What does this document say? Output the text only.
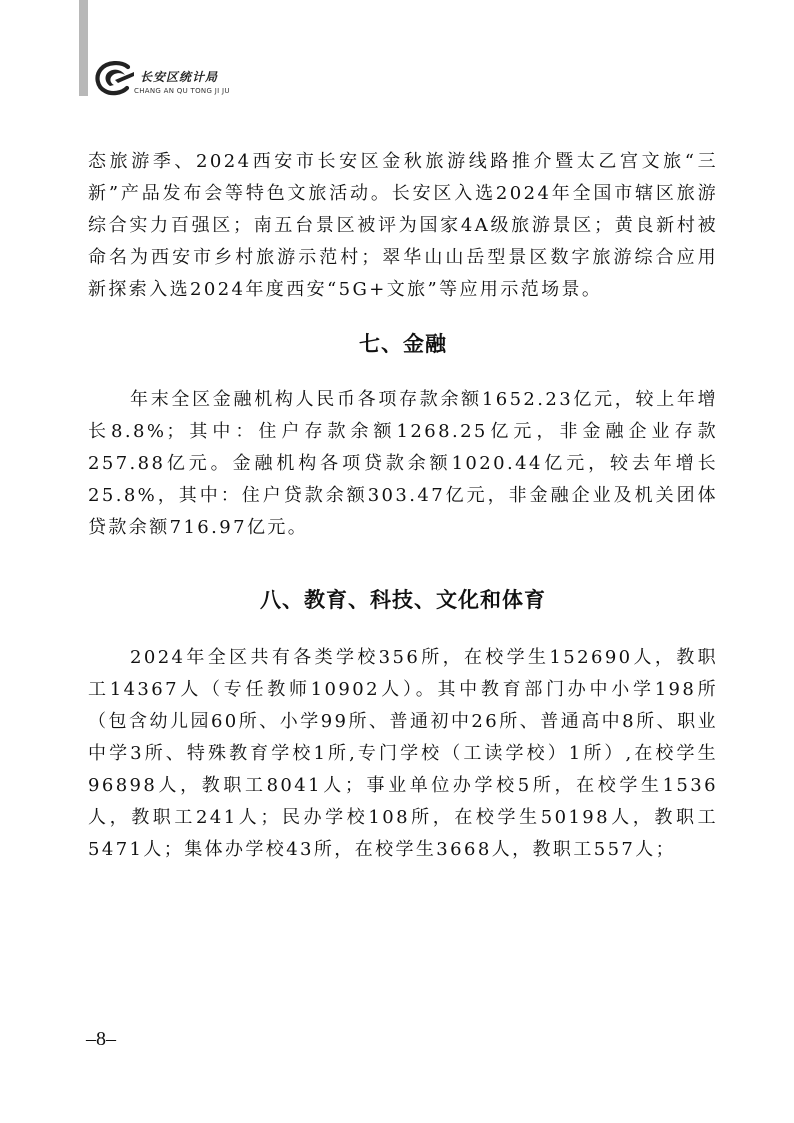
长安区统计局
CHANG AN QU TONG JI JU

态旅游季、2024西安市长安区金秋旅游线路推介暨太乙宫文旅“三新”产品发布会等特色文旅活动。长安区入选2024年全国市辖区旅游综合实力百强区；南五台景区被评为国家4A级旅游景区；黄良新村被命名为西安市乡村旅游示范村；翠华山山岳型景区数字旅游综合应用新探索入选2024年度西安“5G+文旅”等应用示范场景。

七、金融

年末全区金融机构人民币各项存款余额1652.23亿元，较上年增长8.8%；其中：住户存款余额1268.25亿元，非金融企业存款257.88亿元。金融机构各项贷款余额1020.44亿元，较去年增长25.8%，其中：住户贷款余额303.47亿元，非金融企业及机关团体贷款余额716.97亿元。

八、教育、科技、文化和体育

2024年全区共有各类学校356所，在校学生152690人，教职工14367人（专任教师10902人）。其中教育部门办中小学198所（包含幼儿园60所、小学99所、普通初中26所、普通高中8所、职业中学3所、特殊教育学校1所,专门学校（工读学校）1所）,在校学生96898人，教职工8041人；事业单位办学校5所，在校学生1536人，教职工241人；民办学校108所，在校学生50198人，教职工5471人；集体办学校43所，在校学生3668人，教职工557人；

–8–
